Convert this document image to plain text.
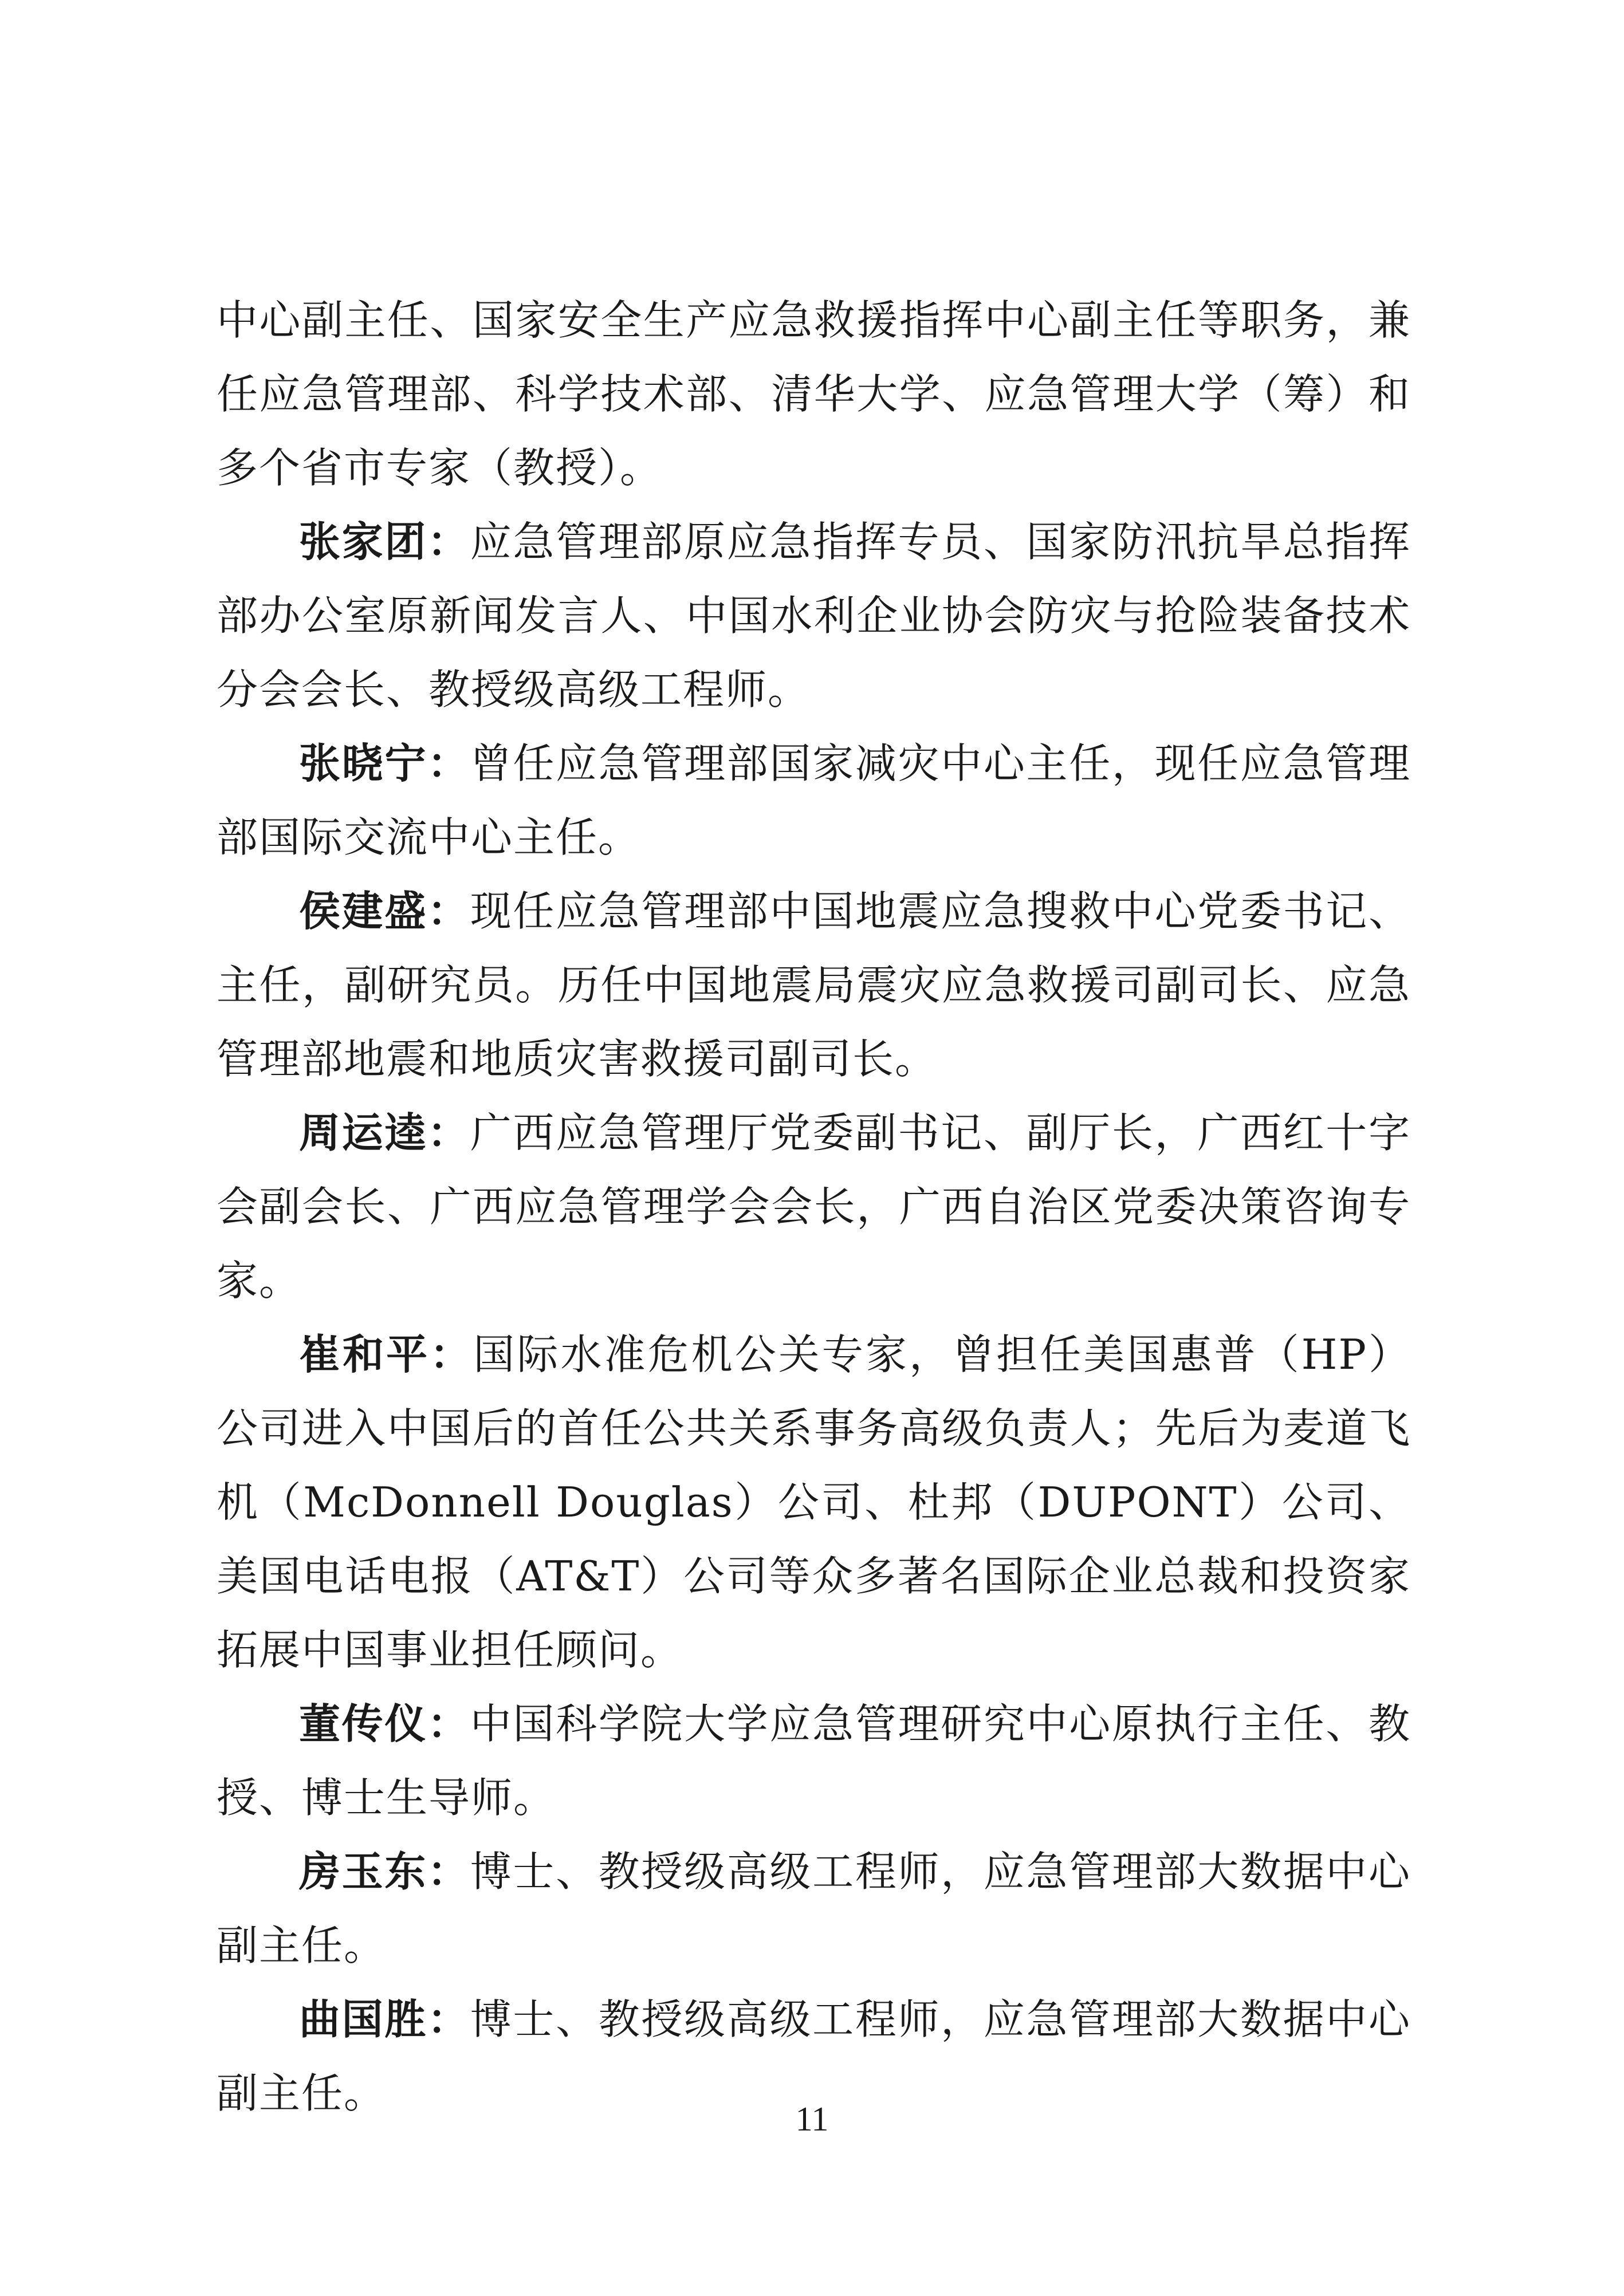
中心副主任、国家安全生产应急救援指挥中心副主任等职务，兼任应急管理部、科学技术部、清华大学、应急管理大学（筹）和多个省市专家（教授）。

张家团：应急管理部原应急指挥专员、国家防汛抗旱总指挥部办公室原新闻发言人、中国水利企业协会防灾与抢险装备技术分会会长、教授级高级工程师。

张晓宁：曾任应急管理部国家减灾中心主任，现任应急管理部国际交流中心主任。

侯建盛：现任应急管理部中国地震应急搜救中心党委书记、主任，副研究员。历任中国地震局震灾应急救援司副司长、应急管理部地震和地质灾害救援司副司长。

周运逵：广西应急管理厅党委副书记、副厅长，广西红十字会副会长、广西应急管理学会会长，广西自治区党委决策咨询专家。

崔和平：国际水准危机公关专家，曾担任美国惠普（HP）公司进入中国后的首任公共关系事务高级负责人；先后为麦道飞机（McDonnell Douglas）公司、杜邦（DUPONT）公司、美国电话电报（AT&T）公司等众多著名国际企业总裁和投资家拓展中国事业担任顾问。

董传仪：中国科学院大学应急管理研究中心原执行主任、教授、博士生导师。

房玉东：博士、教授级高级工程师，应急管理部大数据中心副主任。

曲国胜：博士、教授级高级工程师，应急管理部大数据中心副主任。

11
